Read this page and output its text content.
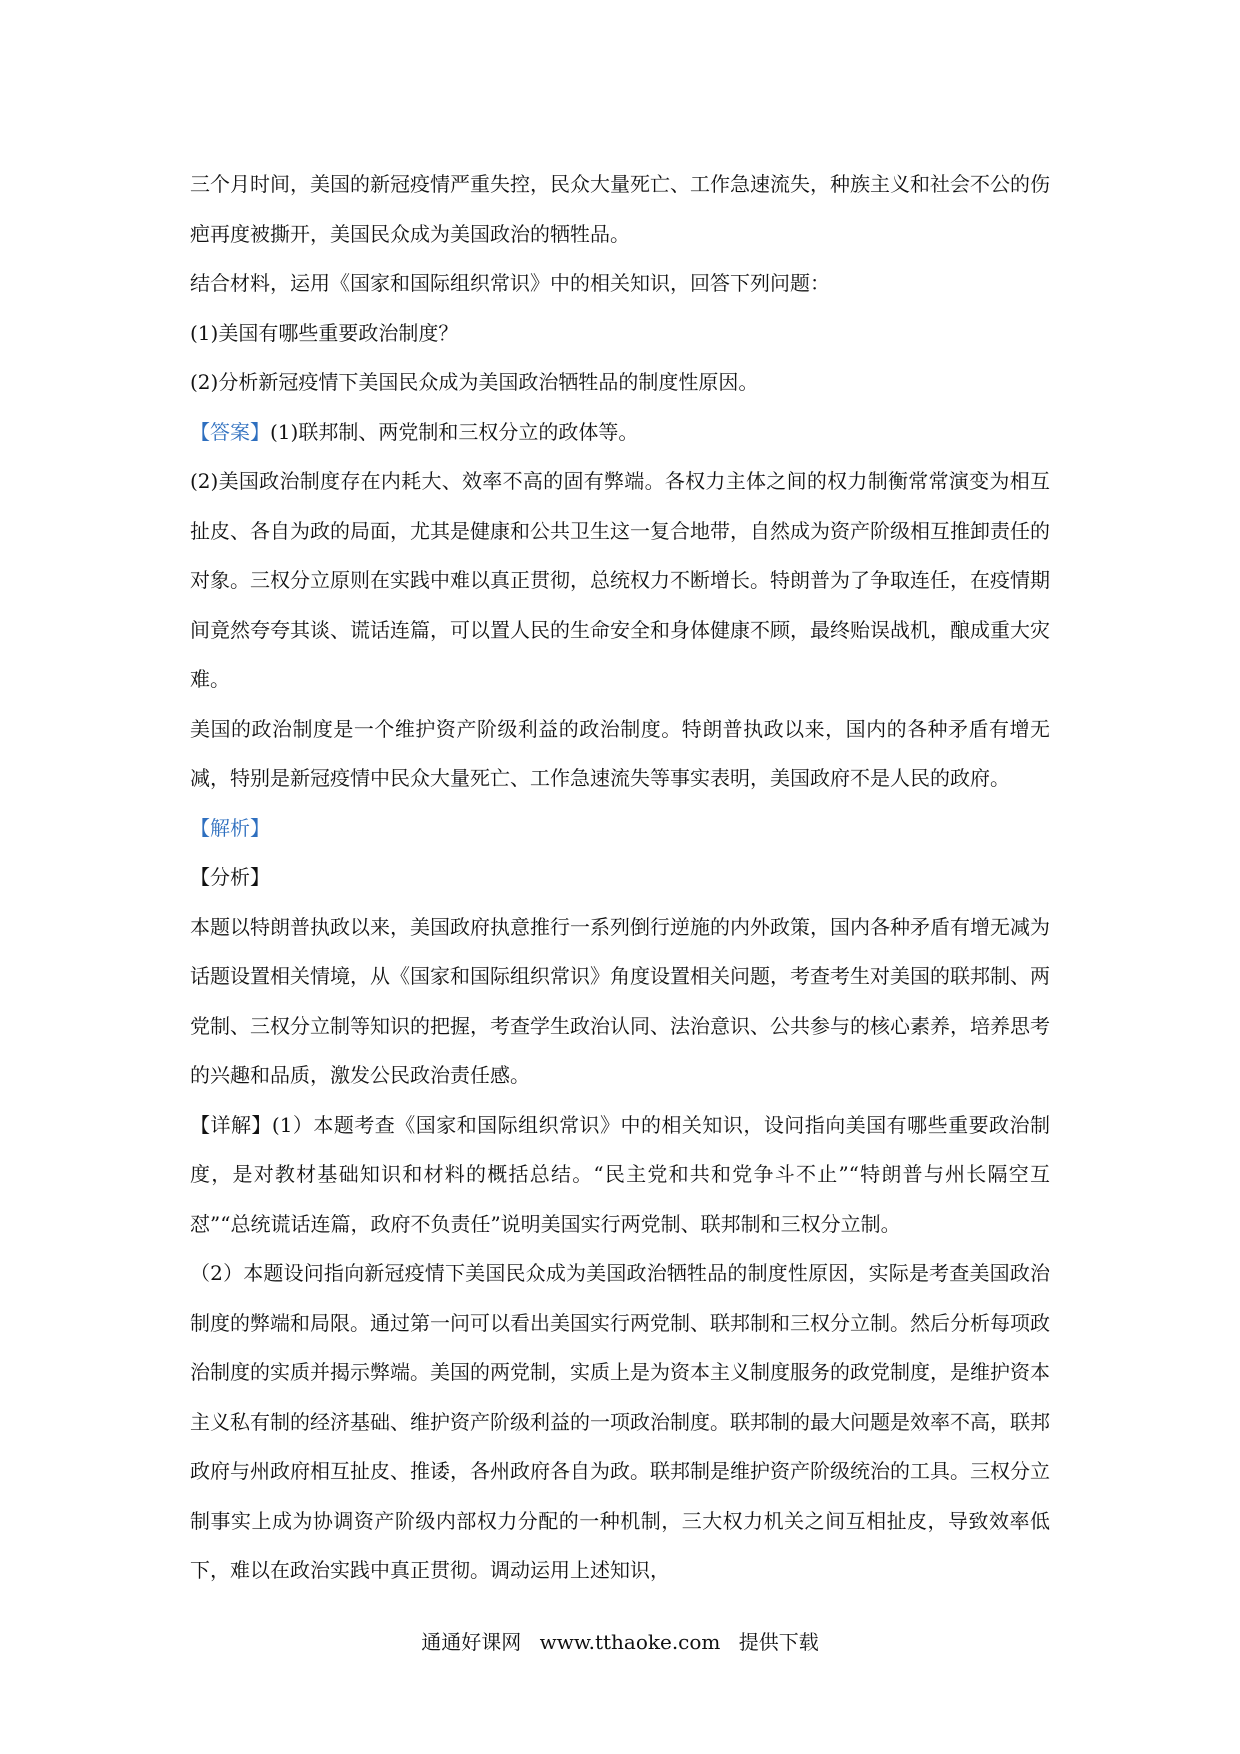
三个月时间，美国的新冠疫情严重失控，民众大量死亡、工作急速流失，种族主义和社会不公的伤疤再度被撕开，美国民众成为美国政治的牺牲品。

结合材料，运用《国家和国际组织常识》中的相关知识，回答下列问题：

(1)美国有哪些重要政治制度？

(2)分析新冠疫情下美国民众成为美国政治牺牲品的制度性原因。

【答案】(1)联邦制、两党制和三权分立的政体等。

(2)美国政治制度存在内耗大、效率不高的固有弊端。各权力主体之间的权力制衡常常演变为相互扯皮、各自为政的局面，尤其是健康和公共卫生这一复合地带，自然成为资产阶级相互推卸责任的对象。三权分立原则在实践中难以真正贯彻，总统权力不断增长。特朗普为了争取连任，在疫情期间竟然夸夸其谈、谎话连篇，可以置人民的生命安全和身体健康不顾，最终贻误战机，酿成重大灾难。

美国的政治制度是一个维护资产阶级利益的政治制度。特朗普执政以来，国内的各种矛盾有增无减，特别是新冠疫情中民众大量死亡、工作急速流失等事实表明，美国政府不是人民的政府。

【解析】

【分析】

本题以特朗普执政以来，美国政府执意推行一系列倒行逆施的内外政策，国内各种矛盾有增无减为话题设置相关情境，从《国家和国际组织常识》角度设置相关问题，考查考生对美国的联邦制、两党制、三权分立制等知识的把握，考查学生政治认同、法治意识、公共参与的核心素养，培养思考的兴趣和品质，激发公民政治责任感。

【详解】(1）本题考查《国家和国际组织常识》中的相关知识，设问指向美国有哪些重要政治制度，是对教材基础知识和材料的概括总结。“民主党和共和党争斗不止”“特朗普与州长隔空互怼”“总统谎话连篇，政府不负责任”说明美国实行两党制、联邦制和三权分立制。

（2）本题设问指向新冠疫情下美国民众成为美国政治牺牲品的制度性原因，实际是考查美国政治制度的弊端和局限。通过第一问可以看出美国实行两党制、联邦制和三权分立制。然后分析每项政治制度的实质并揭示弊端。美国的两党制，实质上是为资本主义制度服务的政党制度，是维护资本主义私有制的经济基础、维护资产阶级利益的一项政治制度。联邦制的最大问题是效率不高，联邦政府与州政府相互扯皮、推诿，各州政府各自为政。联邦制是维护资产阶级统治的工具。三权分立制事实上成为协调资产阶级内部权力分配的一种机制，三大权力机关之间互相扯皮，导致效率低下，难以在政治实践中真正贯彻。调动运用上述知识，

通通好课网 www.tthaoke.com 提供下载
